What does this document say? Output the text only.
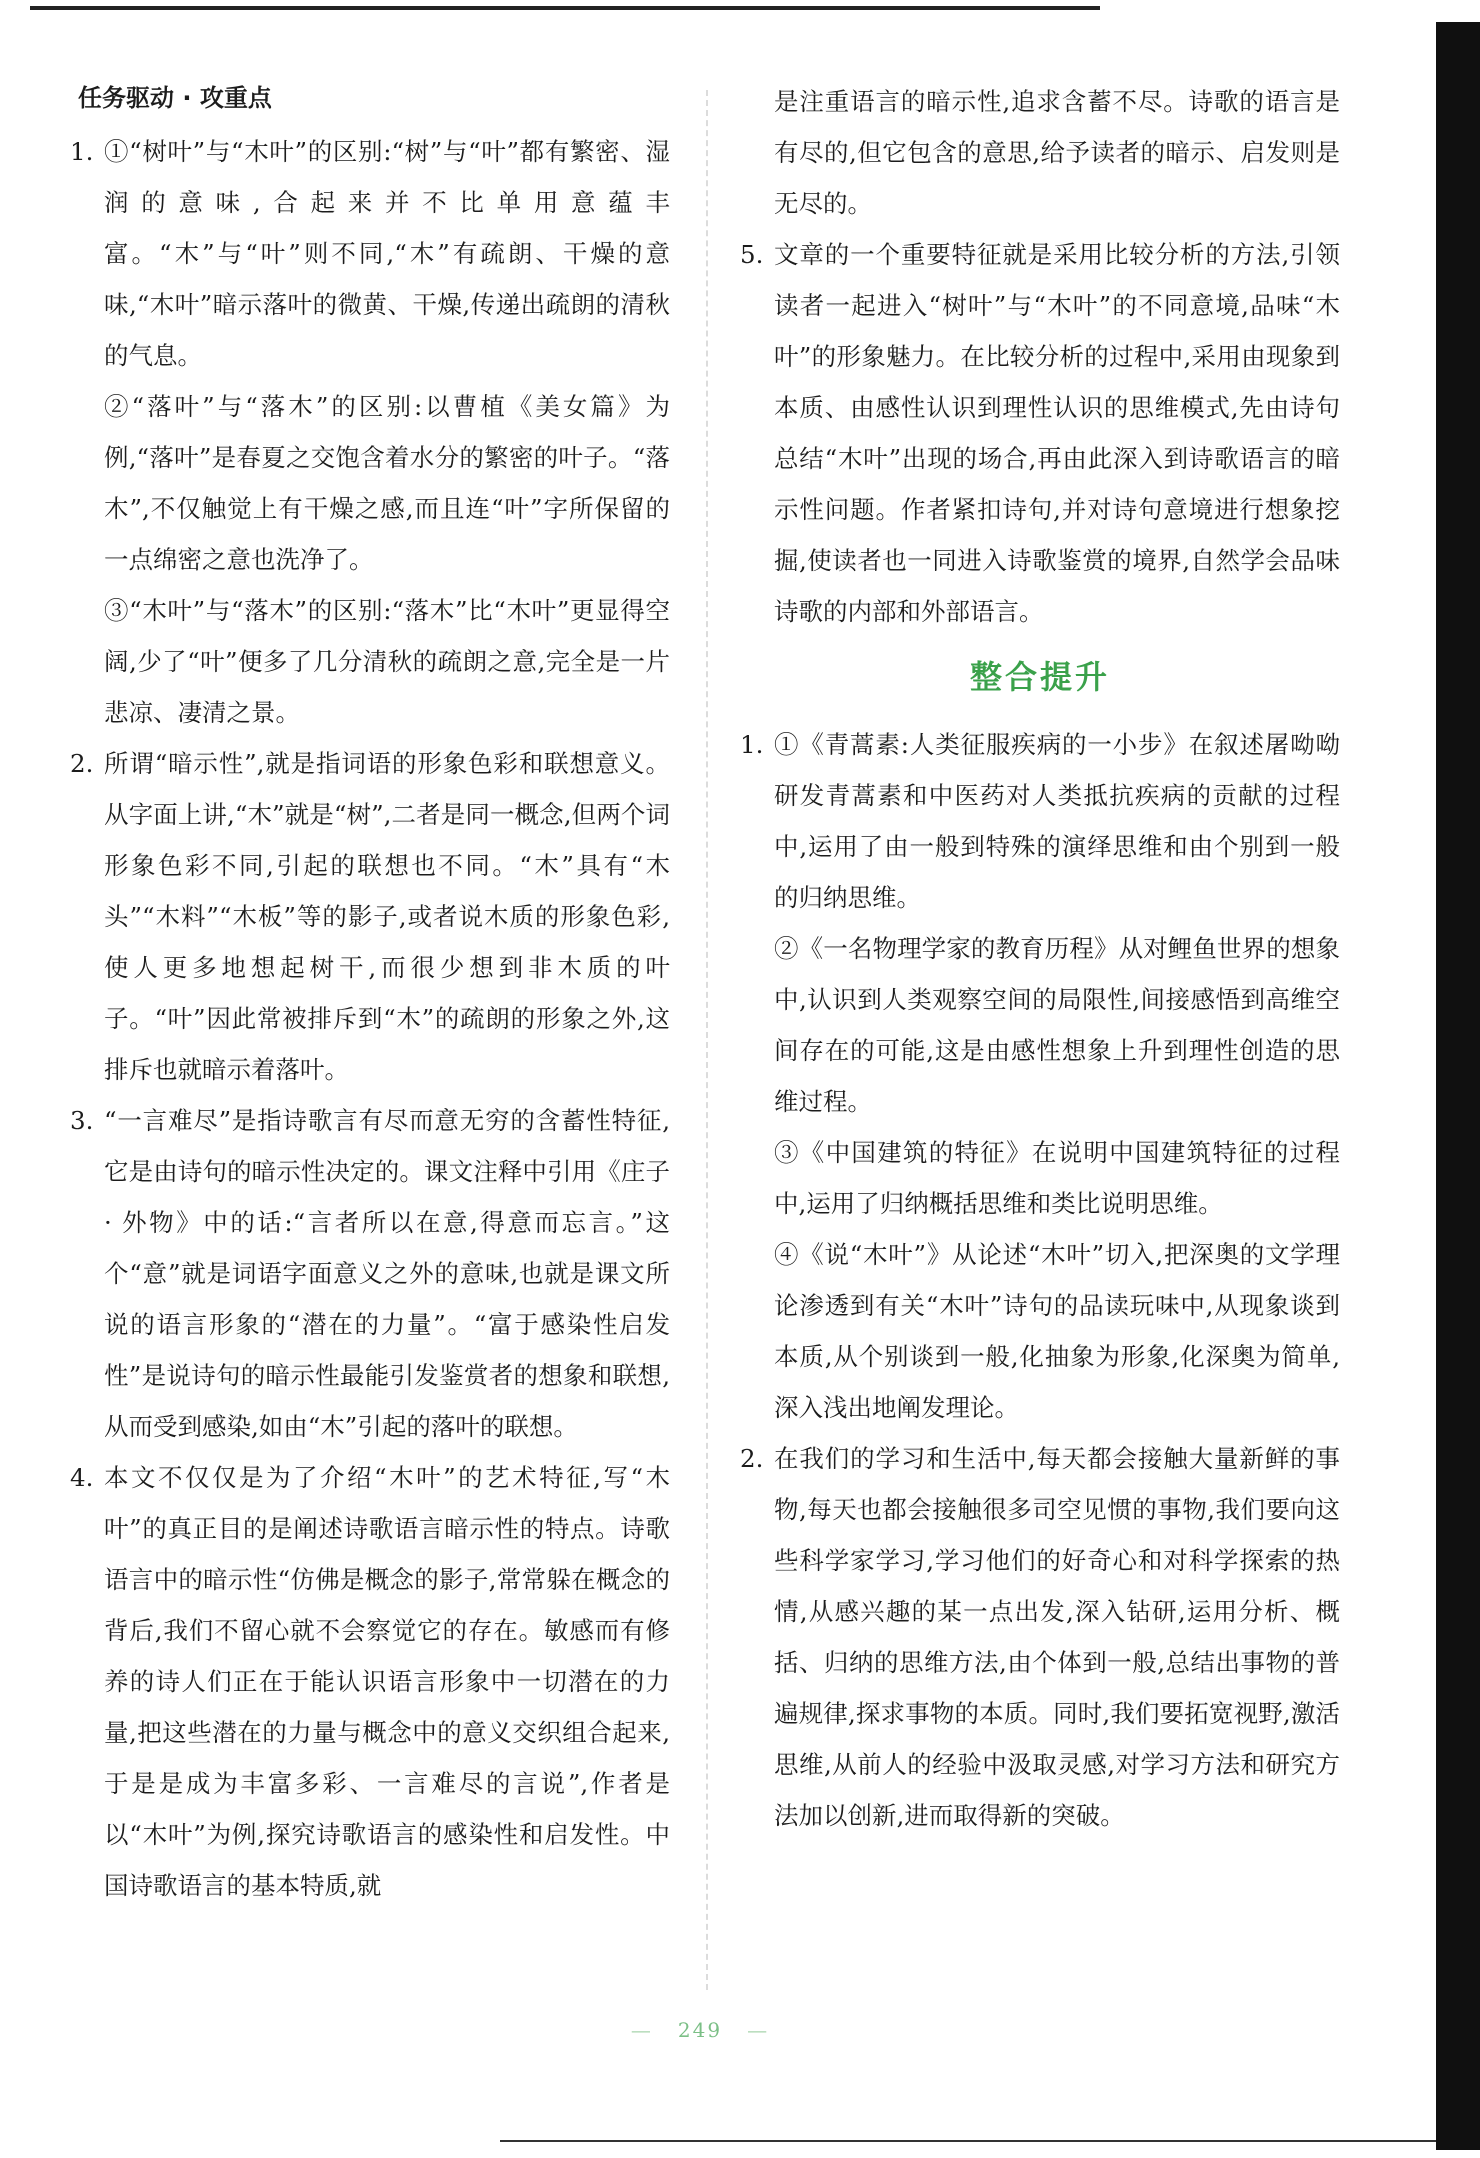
任务驱动 · 攻重点
1. ①“树叶”与“木叶”的区别:“树”与“叶”都有繁密、湿润的意味,合起来并不比单用意蕴丰富。“木”与“叶”则不同,“木”有疏朗、干燥的意味,“木叶”暗示落叶的微黄、干燥,传递出疏朗的清秋的气息。

②“落叶”与“落木”的区别:以曹植《美女篇》为例,“落叶”是春夏之交饱含着水分的繁密的叶子。“落木”,不仅触觉上有干燥之感,而且连“叶”字所保留的一点绵密之意也洗净了。

③“木叶”与“落木”的区别:“落木”比“木叶”更显得空阔,少了“叶”便多了几分清秋的疏朗之意,完全是一片悲凉、凄清之景。

2. 所谓“暗示性”,就是指词语的形象色彩和联想意义。从字面上讲,“木”就是“树”,二者是同一概念,但两个词形象色彩不同,引起的联想也不同。“木”具有“木头”“木料”“木板”等的影子,或者说木质的形象色彩,使人更多地想起树干,而很少想到非木质的叶子。“叶”因此常被排斥到“木”的疏朗的形象之外,这排斥也就暗示着落叶。

3. “一言难尽”是指诗歌言有尽而意无穷的含蓄性特征,它是由诗句的暗示性决定的。课文注释中引用《庄子 · 外物》中的话:“言者所以在意,得意而忘言。”这个“意”就是词语字面意义之外的意味,也就是课文所说的语言形象的“潜在的力量”。“富于感染性启发性”是说诗句的暗示性最能引发鉴赏者的想象和联想,从而受到感染,如由“木”引起的落叶的联想。

4. 本文不仅仅是为了介绍“木叶”的艺术特征,写“木叶”的真正目的是阐述诗歌语言暗示性的特点。诗歌语言中的暗示性“仿佛是概念的影子,常常躲在概念的背后,我们不留心就不会察觉它的存在。敏感而有修养的诗人们正在于能认识语言形象中一切潜在的力量,把这些潜在的力量与概念中的意义交织组合起来,于是是成为丰富多彩、一言难尽的言说”,作者是以“木叶”为例,探究诗歌语言的感染性和启发性。中国诗歌语言的基本特质,就

是注重语言的暗示性,追求含蓄不尽。诗歌的语言是有尽的,但它包含的意思,给予读者的暗示、启发则是无尽的。

5. 文章的一个重要特征就是采用比较分析的方法,引领读者一起进入“树叶”与“木叶”的不同意境,品味“木叶”的形象魅力。在比较分析的过程中,采用由现象到本质、由感性认识到理性认识的思维模式,先由诗句总结“木叶”出现的场合,再由此深入到诗歌语言的暗示性问题。作者紧扣诗句,并对诗句意境进行想象挖掘,使读者也一同进入诗歌鉴赏的境界,自然学会品味诗歌的内部和外部语言。

整合提升
1. ①《青蒿素:人类征服疾病的一小步》在叙述屠呦呦研发青蒿素和中医药对人类抵抗疾病的贡献的过程中,运用了由一般到特殊的演绎思维和由个别到一般的归纳思维。

②《一名物理学家的教育历程》从对鲤鱼世界的想象中,认识到人类观察空间的局限性,间接感悟到高维空间存在的可能,这是由感性想象上升到理性创造的思维过程。

③《中国建筑的特征》在说明中国建筑特征的过程中,运用了归纳概括思维和类比说明思维。

④《说“木叶”》从论述“木叶”切入,把深奥的文学理论渗透到有关“木叶”诗句的品读玩味中,从现象谈到本质,从个别谈到一般,化抽象为形象,化深奥为简单,深入浅出地阐发理论。

2. 在我们的学习和生活中,每天都会接触大量新鲜的事物,每天也都会接触很多司空见惯的事物,我们要向这些科学家学习,学习他们的好奇心和对科学探索的热情,从感兴趣的某一点出发,深入钻研,运用分析、概括、归纳的思维方法,由个体到一般,总结出事物的普遍规律,探求事物的本质。同时,我们要拓宽视野,激活思维,从前人的经验中汲取灵感,对学习方法和研究方法加以创新,进而取得新的突破。

— 249 —
